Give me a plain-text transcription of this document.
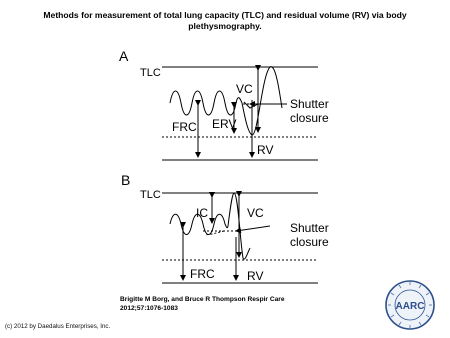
Methods for measurement of total lung capacity (TLC) and residual volume (RV) via body
plethysmography.
A
TLC
VC
ERV
FRC
RV
Shutter
closure
B
TLC
IC	VC
FRC	RV
Shutter
closure
AARC
Brigitte M Borg, and Bruce R Thompson Respir Care
2012;57:1076-1083
(c) 2012 by Daedalus Enterprises, Inc.
